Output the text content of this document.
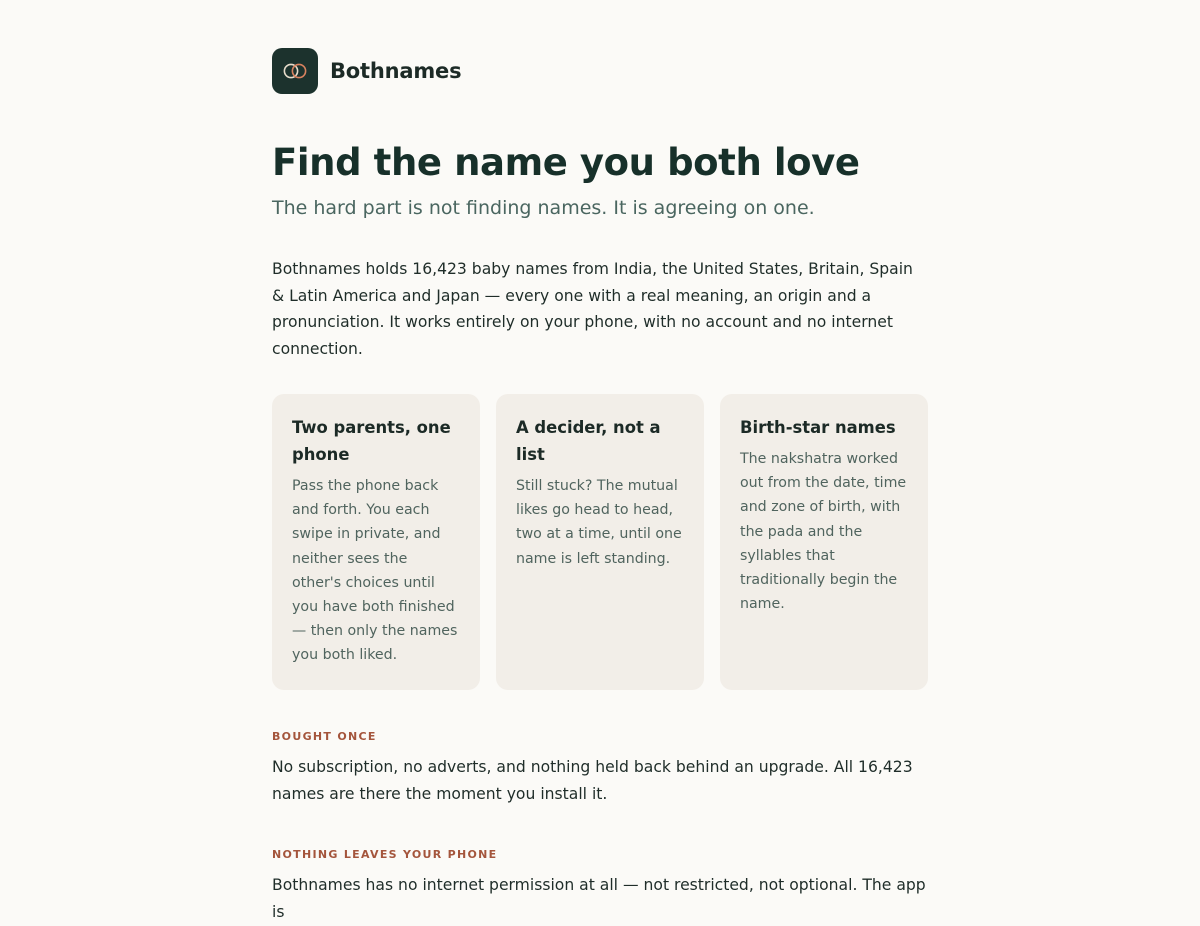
Bothnames
Find the name you both love

The hard part is not finding names. It is agreeing on one.

Bothnames holds 16,423 baby names from India, the United States, Britain, Spain & Latin America and Japan — every one with a real meaning, an origin and a pronunciation. It works entirely on your phone, with no account and no internet connection.

Two parents, one phone

Pass the phone back and forth. You each swipe in private, and neither sees the other's choices until you have both finished — then only the names you both liked.

A decider, not a list

Still stuck? The mutual likes go head to head, two at a time, until one name is left standing.

Birth-star names

The nakshatra worked out from the date, time and zone of birth, with the pada and the syllables that traditionally begin the name.

BOUGHT ONCE

No subscription, no adverts, and nothing held back behind an upgrade. All 16,423 names are there the moment you install it.

NOTHING LEAVES YOUR PHONE

Bothnames has no internet permission at all — not restricted, not optional. The app is
